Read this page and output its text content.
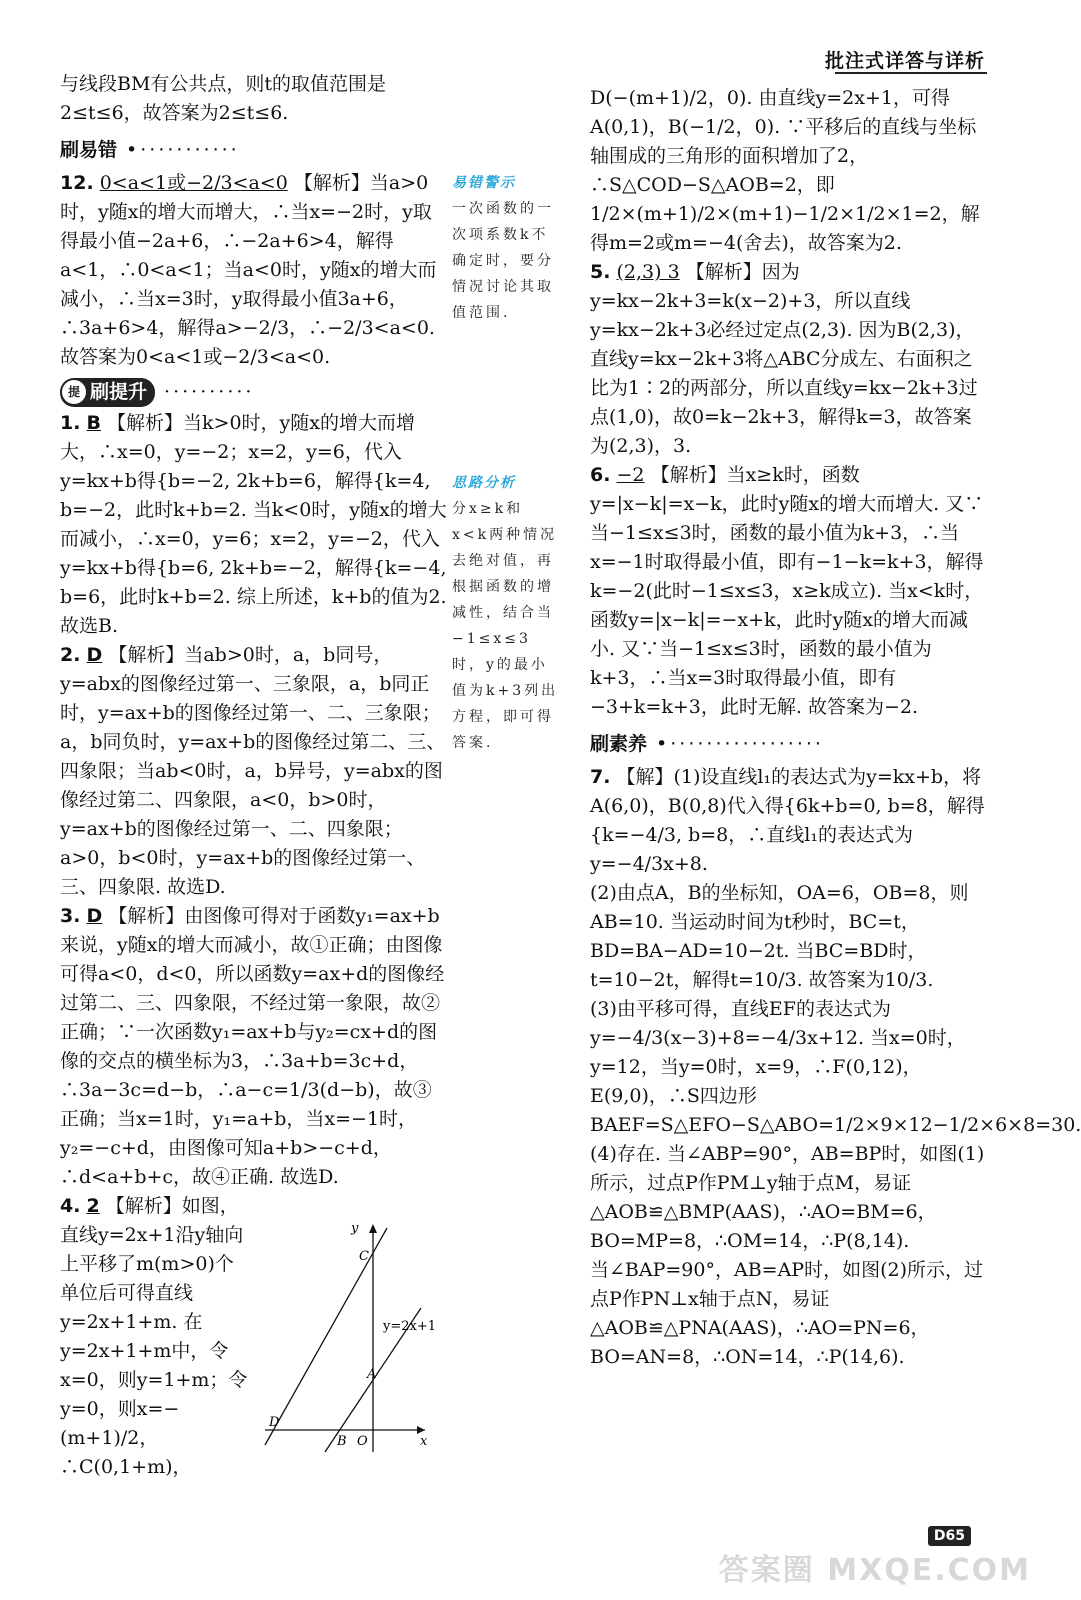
批注式详答与详析

与线段BM有公共点，则t的取值范围是2≤t≤6，故答案为2≤t≤6.

刷易错 •···········

12. 0<a<1或−2/3<a<0 【解析】当a>0时，y随x的增大而增大，∴当x=−2时，y取得最小值−2a+6，∴−2a+6>4，解得a<1，∴0<a<1；当a<0时，y随x的增大而减小，∴当x=3时，y取得最小值3a+6，∴3a+6>4，解得a>−2/3，∴−2/3<a<0. 故答案为0<a<1或−2/3<a<0.

提 刷提升 ··········

1. B 【解析】当k>0时，y随x的增大而增大，∴x=0，y=−2；x=2，y=6，代入y=kx+b得{b=−2, 2k+b=6，解得{k=4, b=−2，此时k+b=2. 当k<0时，y随x的增大而减小，∴x=0，y=6；x=2，y=−2，代入y=kx+b得{b=6, 2k+b=−2，解得{k=−4, b=6，此时k+b=2. 综上所述，k+b的值为2. 故选B.

2. D 【解析】当ab>0时，a，b同号，y=abx的图像经过第一、三象限，a，b同正时，y=ax+b的图像经过第一、二、三象限；a，b同负时，y=ax+b的图像经过第二、三、四象限；当ab<0时，a，b异号，y=abx的图像经过第二、四象限，a<0，b>0时，y=ax+b的图像经过第一、二、四象限；a>0，b<0时，y=ax+b的图像经过第一、三、四象限. 故选D.

3. D 【解析】由图像可得对于函数y₁=ax+b来说，y随x的增大而减小，故①正确；由图像可得a<0，d<0，所以函数y=ax+d的图像经过第二、三、四象限，不经过第一象限，故②正确；∵一次函数y₁=ax+b与y₂=cx+d的图像的交点的横坐标为3，∴3a+b=3c+d，∴3a−3c=d−b，∴a−c=1/3(d−b)，故③正确；当x=1时，y₁=a+b，当x=−1时，y₂=−c+d，由图像可知a+b>−c+d，∴d<a+b+c，故④正确. 故选D.

4. 2 【解析】如图，直线y=2x+1沿y轴向上平移了m(m>0)个单位后可得直线y=2x+1+m. 在y=2x+1+m中，令x=0，则y=1+m；令y=0，则x=−(m+1)/2，∴C(0,1+m)，

易错警示
一次函数的一次项系数k不确定时，要分情况讨论其取值范围.
思路分析
分x≥k和x<k两种情况去绝对值，再根据函数的增减性，结合当−1≤x≤3时，y的最小值为k+3列出方程，即可得答案.
y
x
C
A
D
B O
y=2x+1

D(−(m+1)/2，0). 由直线y=2x+1，可得A(0,1)，B(−1/2，0). ∵平移后的直线与坐标轴围成的三角形的面积增加了2，∴S△COD−S△AOB=2，即1/2×(m+1)/2×(m+1)−1/2×1/2×1=2，解得m=2或m=−4(舍去)，故答案为2.

5. (2,3) 3 【解析】因为y=kx−2k+3=k(x−2)+3，所以直线y=kx−2k+3必经过定点(2,3). 因为B(2,3)，直线y=kx−2k+3将△ABC分成左、右面积之比为1∶2的两部分，所以直线y=kx−2k+3过点(1,0)，故0=k−2k+3，解得k=3，故答案为(2,3)，3.

6. −2 【解析】当x≥k时，函数y=|x−k|=x−k，此时y随x的增大而增大. 又∵当−1≤x≤3时，函数的最小值为k+3，∴当x=−1时取得最小值，即有−1−k=k+3，解得k=−2(此时−1≤x≤3，x≥k成立). 当x<k时，函数y=|x−k|=−x+k，此时y随x的增大而减小. 又∵当−1≤x≤3时，函数的最小值为k+3，∴当x=3时取得最小值，即有−3+k=k+3，此时无解. 故答案为−2.

刷素养 •·················

7. 【解】(1)设直线l₁的表达式为y=kx+b，将A(6,0)，B(0,8)代入得{6k+b=0, b=8，解得{k=−4/3, b=8，∴直线l₁的表达式为y=−4/3x+8.

(2)由点A，B的坐标知，OA=6，OB=8，则AB=10. 当运动时间为t秒时，BC=t，BD=BA−AD=10−2t. 当BC=BD时，t=10−2t，解得t=10/3. 故答案为10/3.

(3)由平移可得，直线EF的表达式为y=−4/3(x−3)+8=−4/3x+12. 当x=0时，y=12，当y=0时，x=9，∴F(0,12)，E(9,0)，∴S四边形BAEF=S△EFO−S△ABO=1/2×9×12−1/2×6×8=30.

(4)存在. 当∠ABP=90°，AB=BP时，如图(1)所示，过点P作PM⊥y轴于点M，易证△AOB≌△BMP(AAS)，∴AO=BM=6，BO=MP=8，∴OM=14，∴P(8,14).

当∠BAP=90°，AB=AP时，如图(2)所示，过点P作PN⊥x轴于点N，易证△AOB≌△PNA(AAS)，∴AO=PN=6，BO=AN=8，∴ON=14，∴P(14,6).

D65
答案圈 MXQE.COM
